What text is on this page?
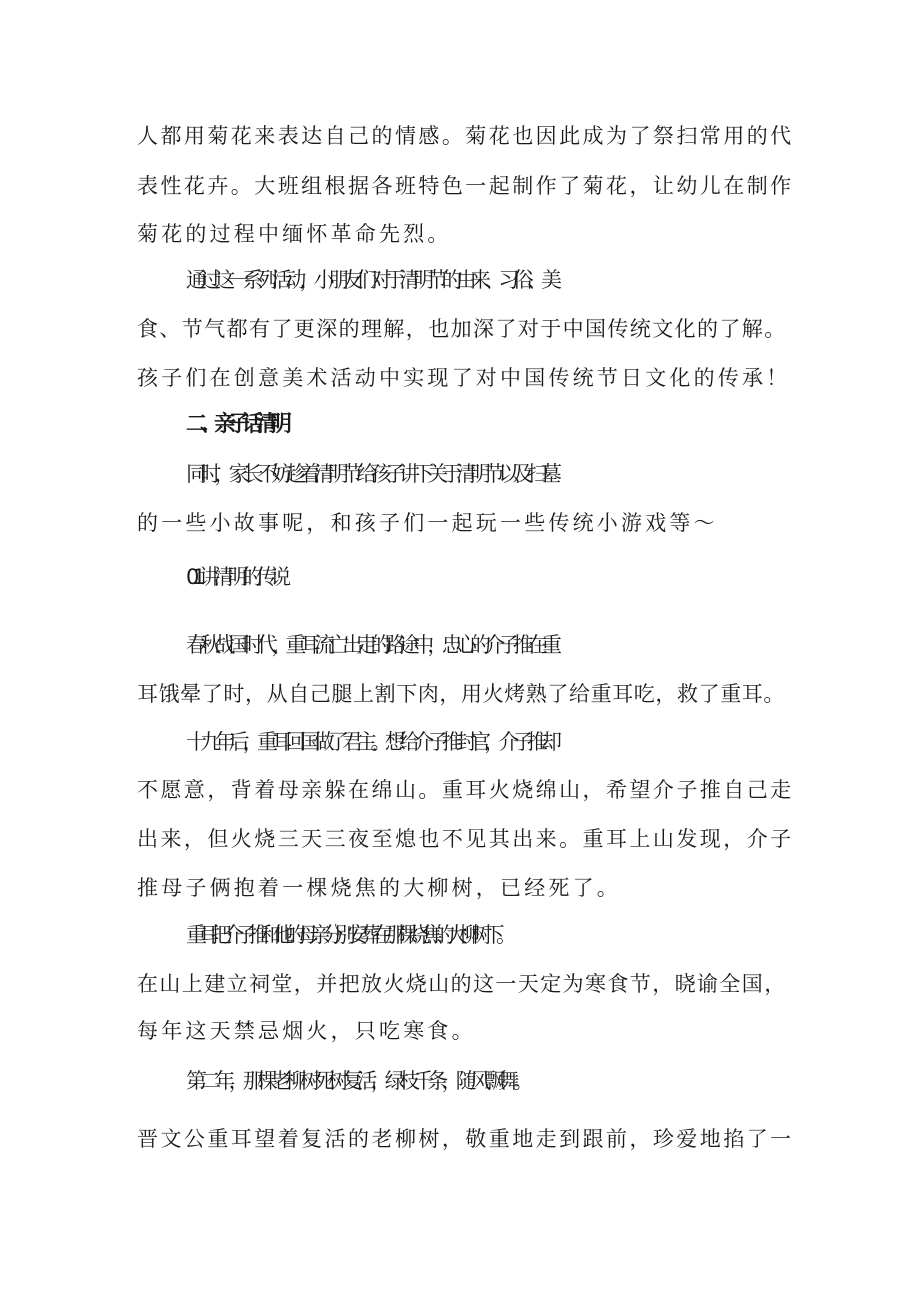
人都用菊花来表达自己的情感。菊花也因此成为了祭扫常用的代

表性花卉。大班组根据各班特色一起制作了菊花，让幼儿在制作

菊花的过程中缅怀革命先烈。

通过这一系列活动，小朋友们对于清明节的由来、习俗、美

食、节气都有了更深的理解，也加深了对于中国传统文化的了解。

孩子们在创意美术活动中实现了对中国传统节日文化的传承！

二、亲子话清明

同时，家长不妨趁着清明节给孩子讲下关于清明节以及扫墓

的一些小故事呢，和孩子们一起玩一些传统小游戏等～

01讲清明的传说

春秋战国时代，重耳流亡出走的路途中，忠心的介子推在重

耳饿晕了时，从自己腿上割下肉，用火烤熟了给重耳吃，救了重耳。

十九年后，重耳回国做了君主。想给介子推封官，介子推却

不愿意，背着母亲躲在绵山。重耳火烧绵山，希望介子推自己走

出来，但火烧三天三夜至熄也不见其出来。重耳上山发现，介子

推母子俩抱着一棵烧焦的大柳树，已经死了。

重耳把介子推和他的母亲分别安葬在那棵烧焦的大柳树下。

在山上建立祠堂，并把放火烧山的这一天定为寒食节，晓谕全国，

每年这天禁忌烟火，只吃寒食。

第二年，那棵老柳树死树复活，绿枝千条，随风飘舞。

晋文公重耳望着复活的老柳树，敬重地走到跟前，珍爱地掐了一
